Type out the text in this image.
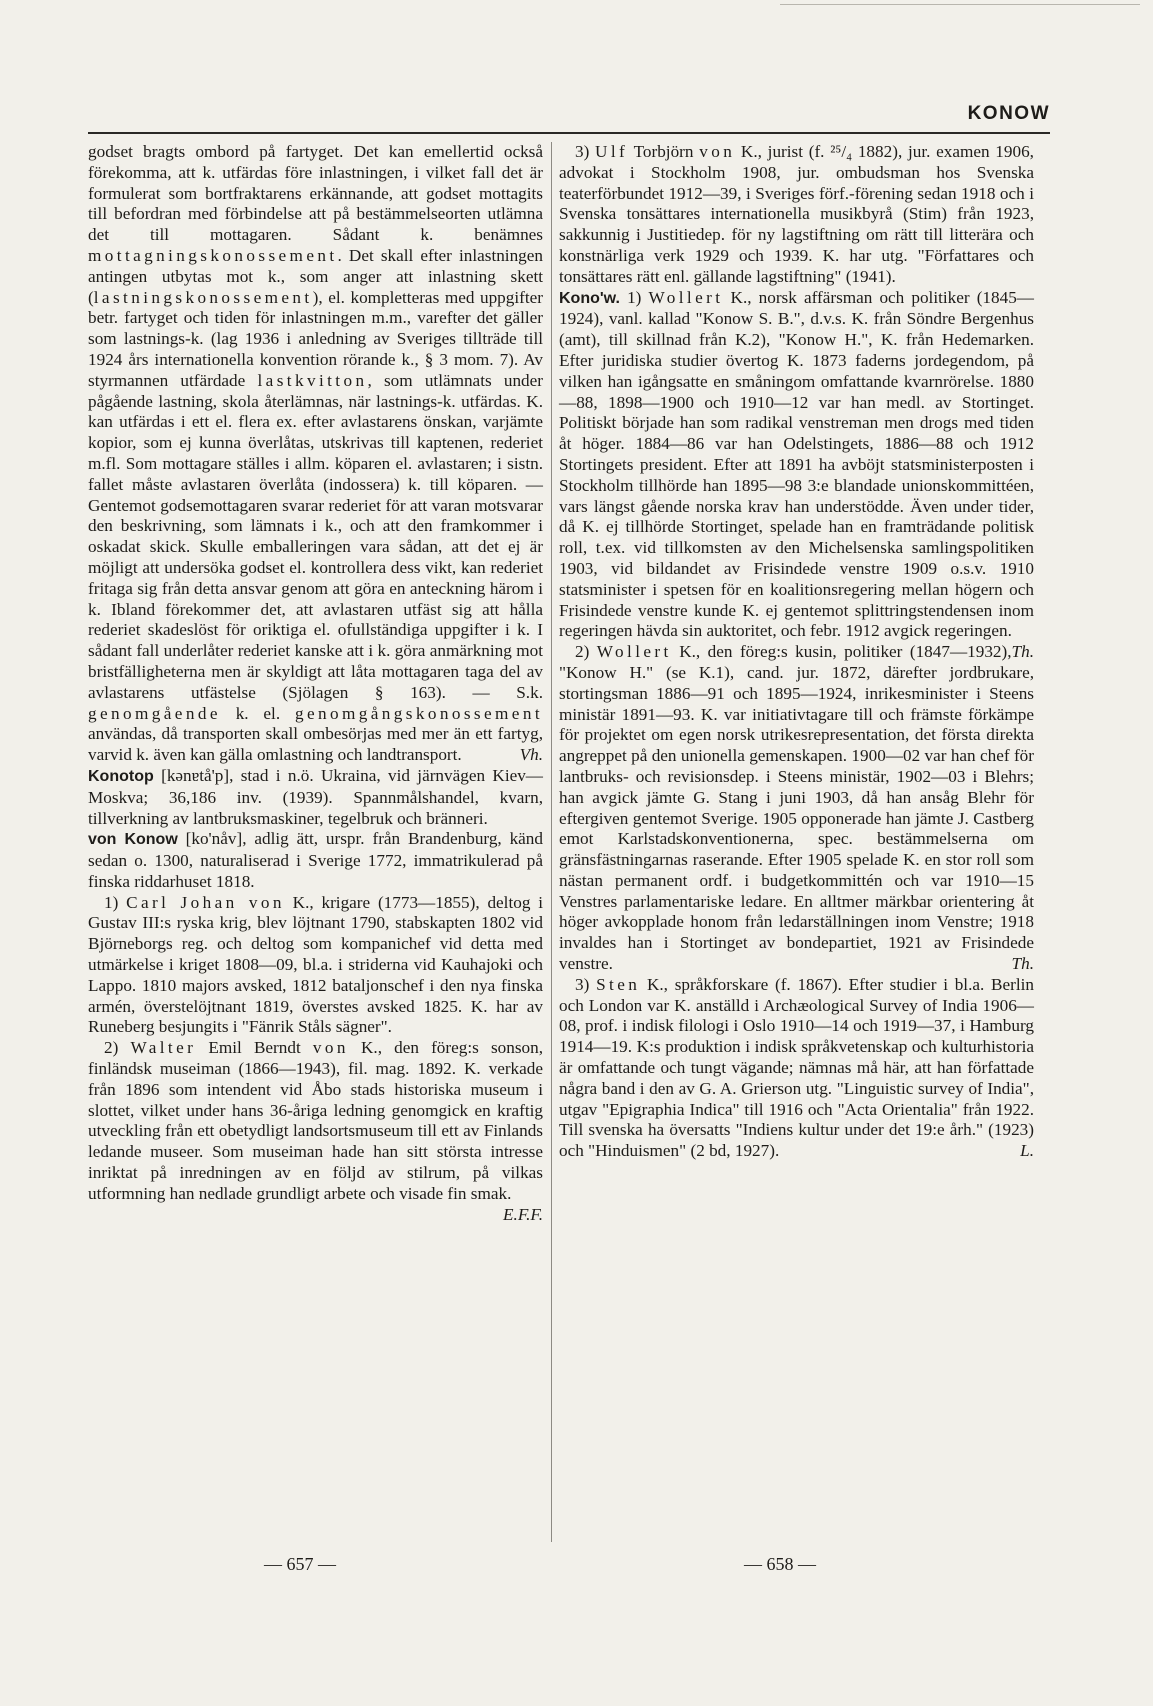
KONOW

godset bragts ombord på fartyget. Det kan emellertid också förekomma, att k. utfärdas före inlastningen, i vilket fall det är formulerat som bortfraktarens erkännande, att godset mottagits till befordran med förbindelse att på bestämmelseorten utlämna det till mottagaren. Sådant k. benämnes mottagningskonossement. Det skall efter inlastningen antingen utbytas mot k., som anger att inlastning skett (lastningskonossement), el. kompletteras med uppgifter betr. fartyget och tiden för inlastningen m.m., varefter det gäller som lastnings-k. (lag 1936 i anledning av Sveriges tillträde till 1924 års internationella konvention rörande k., § 3 mom. 7). Av styrmannen utfärdade lastkvitton, som utlämnats under pågående lastning, skola återlämnas, när lastnings-k. utfärdas. K. kan utfärdas i ett el. flera ex. efter avlastarens önskan, varjämte kopior, som ej kunna överlåtas, utskrivas till kaptenen, rederiet m.fl. Som mottagare ställes i allm. köparen el. avlastaren; i sistn. fallet måste avlastaren överlåta (indossera) k. till köparen. — Gentemot godsemottagaren svarar rederiet för att varan motsvarar den beskrivning, som lämnats i k., och att den framkommer i oskadat skick. Skulle emballeringen vara sådan, att det ej är möjligt att undersöka godset el. kontrollera dess vikt, kan rederiet fritaga sig från detta ansvar genom att göra en anteckning härom i k. Ibland förekommer det, att avlastaren utfäst sig att hålla rederiet skadeslöst för oriktiga el. ofullständiga uppgifter i k. I sådant fall underlåter rederiet kanske att i k. göra anmärkning mot bristfälligheterna men är skyldigt att låta mottagaren taga del av avlastarens utfästelse (Sjölagen § 163). — S.k. genomgående k. el. genomgångskonossement användas, då transporten skall ombesörjas med mer än ett fartyg, varvid k. även kan gälla omlastning och landtransport.	Vh.

Konotop [kənɐtå'p], stad i n.ö. Ukraina, vid järnvägen Kiev—Moskva; 36,186 inv. (1939). Spannmålshandel, kvarn, tillverkning av lantbruksmaskiner, tegelbruk och bränneri.

von Konow [ko'nåv], adlig ätt, urspr. från Brandenburg, känd sedan o. 1300, naturaliserad i Sverige 1772, immatrikulerad på finska riddarhuset 1818.

1) Carl Johan von K., krigare (1773—1855), deltog i Gustav III:s ryska krig, blev löjtnant 1790, stabskapten 1802 vid Björneborgs reg. och deltog som kompanichef vid detta med utmärkelse i kriget 1808—09, bl.a. i striderna vid Kauhajoki och Lappo. 1810 majors avsked, 1812 bataljonschef i den nya finska armén, överstelöjtnant 1819, överstes avsked 1825. K. har av Runeberg besjungits i "Fänrik Ståls sägner".

2) Walter Emil Berndt von K., den föreg:s sonson, finländsk museiman (1866—1943), fil. mag. 1892. K. verkade från 1896 som intendent vid Åbo stads historiska museum i slottet, vilket under hans 36-åriga ledning genomgick en kraftig utveckling från ett obetydligt landsortsmuseum till ett av Finlands ledande museer. Som museiman hade han sitt största intresse inriktat på inredningen av en följd av stilrum, på vilkas utformning han nedlade grundligt arbete och visade fin smak.
E.F.F.

3) Ulf Torbjörn von K., jurist (f. ²⁵/₄ 1882), jur. examen 1906, advokat i Stockholm 1908, jur. ombudsman hos Svenska teaterförbundet 1912—39, i Sveriges förf.-förening sedan 1918 och i Svenska tonsättares internationella musikbyrå (Stim) från 1923, sakkunnig i Justitiedep. för ny lagstiftning om rätt till litterära och konstnärliga verk 1929 och 1939. K. har utg. "Författares och tonsättares rätt enl. gällande lagstiftning" (1941).

Kono'w. 1) Wollert K., norsk affärsman och politiker (1845—1924), vanl. kallad "Konow S. B.", d.v.s. K. från Söndre Bergenhus (amt), till skillnad från K.2), "Konow H.", K. från Hedemarken. Efter juridiska studier övertog K. 1873 faderns jordegendom, på vilken han igångsatte en småningom omfattande kvarnrörelse. 1880—88, 1898—1900 och 1910—12 var han medl. av Stortinget. Politiskt började han som radikal venstreman men drogs med tiden åt höger. 1884—86 var han Odelstingets, 1886—88 och 1912 Stortingets president. Efter att 1891 ha avböjt statsministerposten i Stockholm tillhörde han 1895—98 3:e blandade unionskommittéen, vars längst gående norska krav han understödde. Även under tider, då K. ej tillhörde Stortinget, spelade han en framträdande politisk roll, t.ex. vid tillkomsten av den Michelsenska samlingspolitiken 1903, vid bildandet av Frisindede venstre 1909 o.s.v. 1910 statsminister i spetsen för en koalitionsregering mellan högern och Frisindede venstre kunde K. ej gentemot splittringstendensen inom regeringen hävda sin auktoritet, och febr. 1912 avgick regeringen.
Th.

2) Wollert K., den föreg:s kusin, politiker (1847—1932), "Konow H." (se K.1), cand. jur. 1872, därefter jordbrukare, stortingsman 1886—91 och 1895—1924, inrikesminister i Steens ministär 1891—93. K. var initiativtagare till och främste förkämpe för projektet om egen norsk utrikesrepresentation, det första direkta angreppet på den unionella gemenskapen. 1900—02 var han chef för lantbruks- och revisionsdep. i Steens ministär, 1902—03 i Blehrs; han avgick jämte G. Stang i juni 1903, då han ansåg Blehr för eftergiven gentemot Sverige. 1905 opponerade han jämte J. Castberg emot Karlstadskonventionerna, spec. bestämmelserna om gränsfästningarnas raserande. Efter 1905 spelade K. en stor roll som nästan permanent ordf. i budgetkommittén och var 1910—15 Venstres parlamentariske ledare. En alltmer märkbar orientering åt höger avkopplade honom från ledarställningen inom Venstre; 1918 invaldes han i Stortinget av bondepartiet, 1921 av Frisindede venstre.	Th.

3) Sten K., språkforskare (f. 1867). Efter studier i bl.a. Berlin och London var K. anställd i Archæological Survey of India 1906—08, prof. i indisk filologi i Oslo 1910—14 och 1919—37, i Hamburg 1914—19. K:s produktion i indisk språkvetenskap och kulturhistoria är omfattande och tungt vägande; nämnas må här, att han författade några band i den av G. A. Grierson utg. "Linguistic survey of India", utgav "Epigraphia Indica" till 1916 och "Acta Orientalia" från 1922. Till svenska ha översatts "Indiens kultur under det 19:e årh." (1923) och "Hinduismen" (2 bd, 1927).	L.

— 657 —	— 658 —
